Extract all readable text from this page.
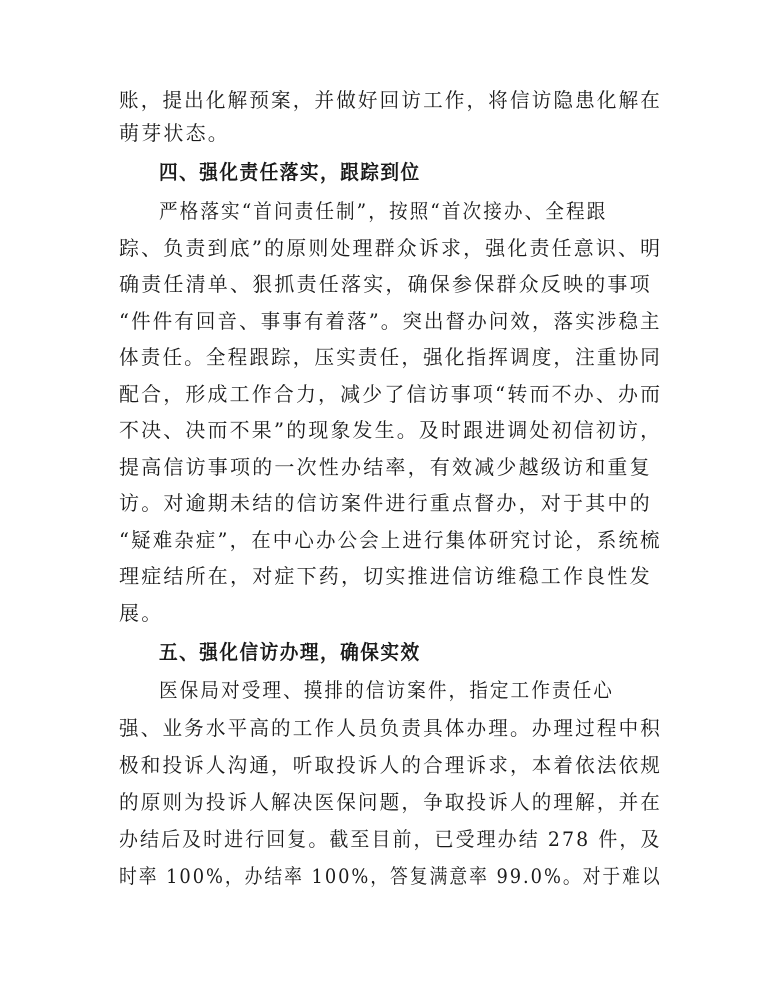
账，提出化解预案，并做好回访工作，将信访隐患化解在
萌芽状态。
四、强化责任落实，跟踪到位
严格落实“首问责任制”，按照“首次接办、全程跟
踪、负责到底”的原则处理群众诉求，强化责任意识、明
确责任清单、狠抓责任落实，确保参保群众反映的事项
“件件有回音、事事有着落”。突出督办问效，落实涉稳主
体责任。全程跟踪，压实责任，强化指挥调度，注重协同
配合，形成工作合力，减少了信访事项“转而不办、办而
不决、决而不果”的现象发生。及时跟进调处初信初访，
提高信访事项的一次性办结率，有效减少越级访和重复
访。对逾期未结的信访案件进行重点督办，对于其中的
“疑难杂症”，在中心办公会上进行集体研究讨论，系统梳
理症结所在，对症下药，切实推进信访维稳工作良性发
展。
五、强化信访办理，确保实效
医保局对受理、摸排的信访案件，指定工作责任心
强、业务水平高的工作人员负责具体办理。办理过程中积
极和投诉人沟通，听取投诉人的合理诉求，本着依法依规
的原则为投诉人解决医保问题，争取投诉人的理解，并在
办结后及时进行回复。截至目前，已受理办结 278 件，及
时率 100%，办结率 100%，答复满意率 99.0%。对于难以
